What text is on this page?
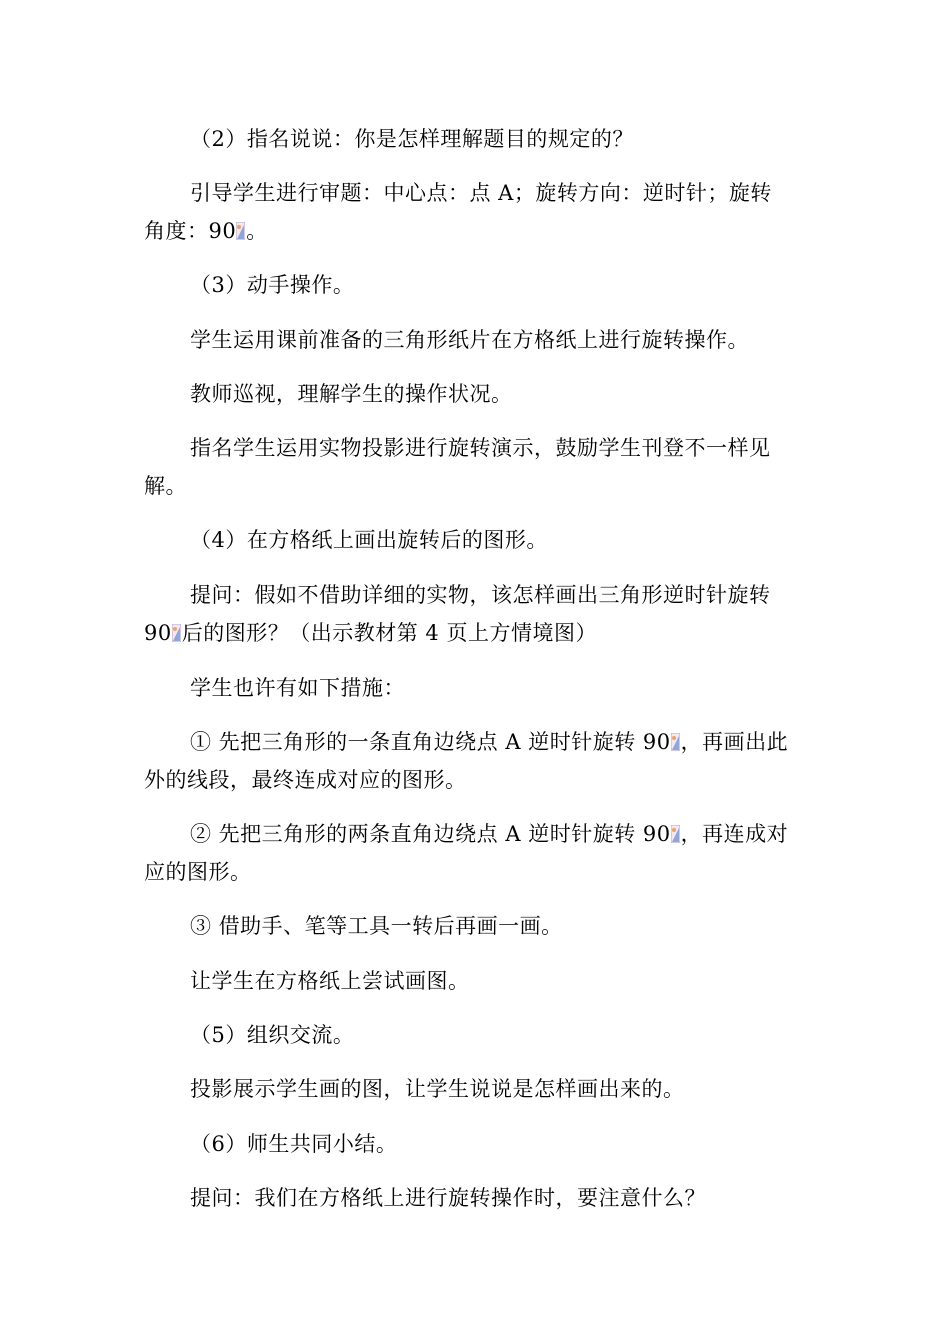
（2）指名说说：你是怎样理解题目的规定的？

引导学生进行审题：中心点：点 A；旋转方向：逆时针；旋转
角度：90 。

（3）动手操作。

学生运用课前准备的三角形纸片在方格纸上进行旋转操作。

教师巡视，理解学生的操作状况。

指名学生运用实物投影进行旋转演示，鼓励学生刊登不一样见
解。

（4）在方格纸上画出旋转后的图形。

提问：假如不借助详细的实物，该怎样画出三角形逆时针旋转
90 后的图形？（出示教材第 4 页上方情境图）

学生也许有如下措施：

① 先把三角形的一条直角边绕点 A 逆时针旋转 90 ，再画出此
外的线段，最终连成对应的图形。

② 先把三角形的两条直角边绕点 A 逆时针旋转 90 ，再连成对
应的图形。

③ 借助手、笔等工具一转后再画一画。

让学生在方格纸上尝试画图。

（5）组织交流。

投影展示学生画的图，让学生说说是怎样画出来的。

（6）师生共同小结。

提问：我们在方格纸上进行旋转操作时，要注意什么？
